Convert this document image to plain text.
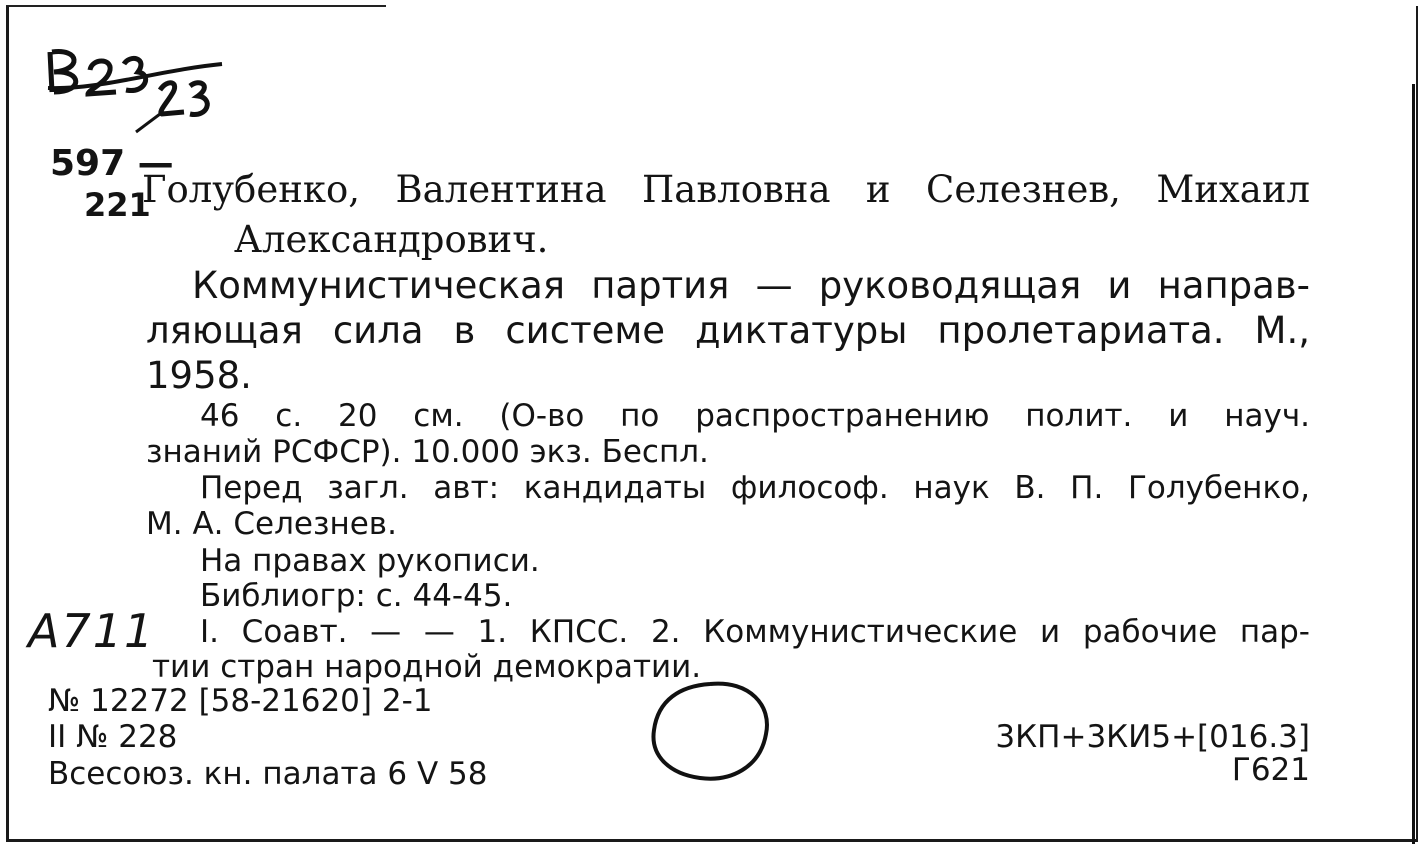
597 —
221
Голубенко, Валентина Павловна и Селезнев, Михаил
Александрович.
Коммунистическая партия — руководящая и направ-
ляющая сила в системе диктатуры пролетариата. М.,
1958.
46 с. 20 см. (О-во по распространению полит. и науч.
знаний РСФСР). 10.000 экз. Беспл.
Перед загл. авт: кандидаты философ. наук В. П. Голубенко,
М. А. Селезнев.
На правах рукописи.
Библиогр: с. 44-45.
A711 I. Соавт. — — 1. КПСС. 2. Коммунистические и рабочие пар-
тии стран народной демократии.
№ 12272 [58-21620] 2-1
II № 228
Всесоюз. кн. палата 6 V 58
3КП+3КИ5+[016.3]
Г621
